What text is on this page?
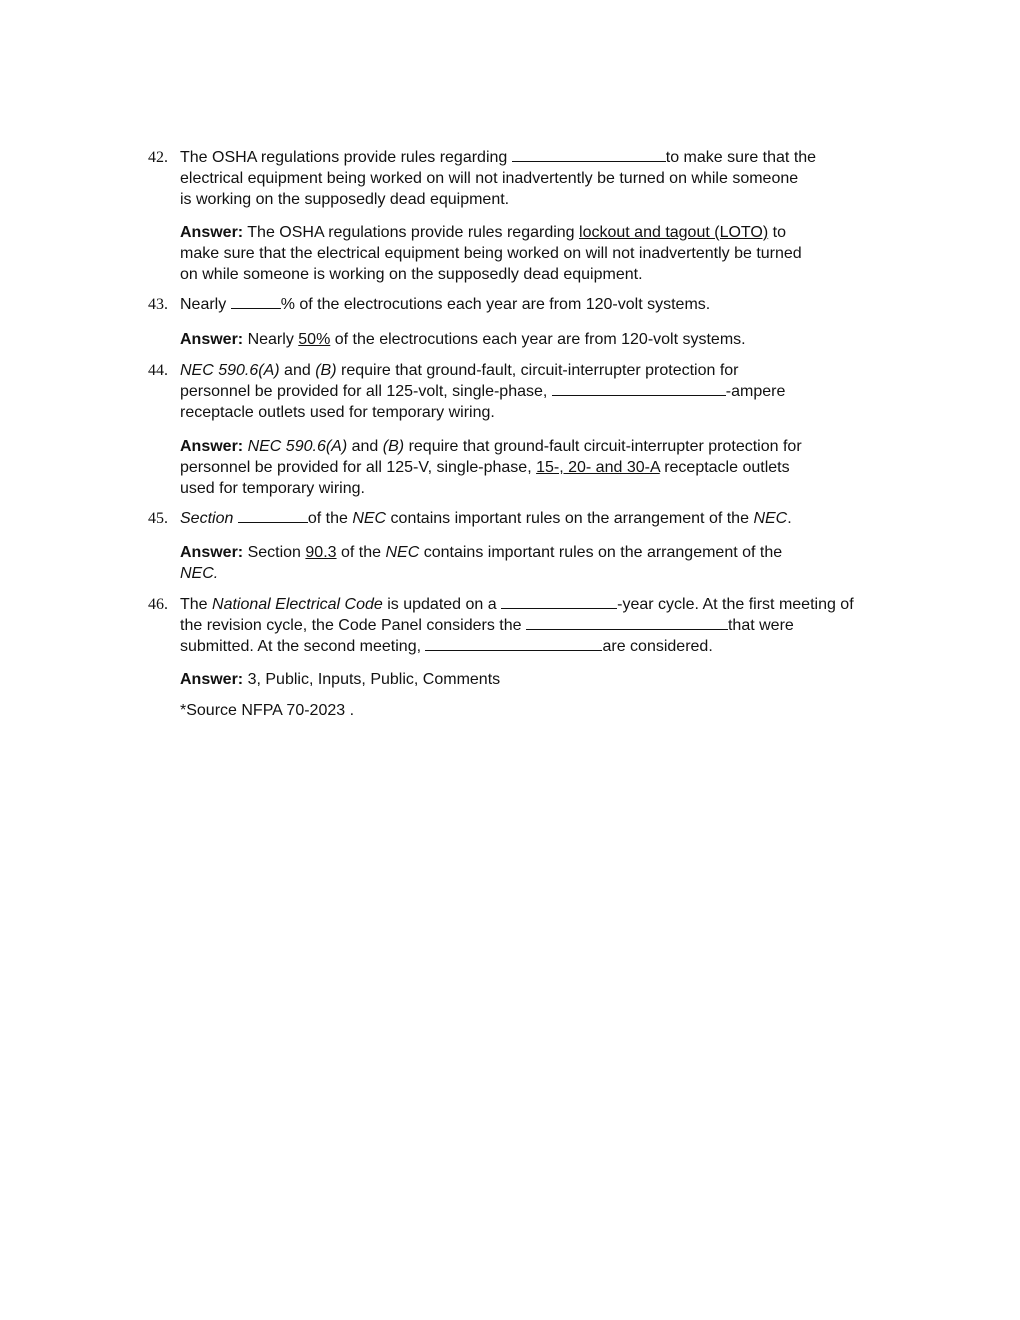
42. The OSHA regulations provide rules regarding	to make sure that the
electrical equipment being worked on will not inadvertently be turned on while someone
is working on the supposedly dead equipment.
Answer: The OSHA regulations provide rules regarding lockout and tagout (LOTO) to
make sure that the electrical equipment being worked on will not inadvertently be turned
on while someone is working on the supposedly dead equipment.
43. Nearly	% of the electrocutions each year are from 120-volt systems.
Answer: Nearly 50% of the electrocutions each year are from 120-volt systems.
44. NEC 590.6(A) and (B) require that ground-fault, circuit-interrupter protection for
personnel be provided for all 125-volt, single-phase,	-ampere
receptacle outlets used for temporary wiring.
Answer: NEC 590.6(A) and (B) require that ground-fault circuit-interrupter protection for
personnel be provided for all 125-V, single-phase, 15-, 20- and 30-A receptacle outlets
used for temporary wiring.
45. Section	of the NEC contains important rules on the arrangement of the NEC.
Answer: Section 90.3 of the NEC contains important rules on the arrangement of the
NEC.
46. The National Electrical Code is updated on a	-year cycle. At the first meeting of
the revision cycle, the Code Panel considers the	that were
submitted. At the second meeting,	are considered.
Answer: 3, Public, Inputs, Public, Comments
*Source NFPA 70-2023 .
